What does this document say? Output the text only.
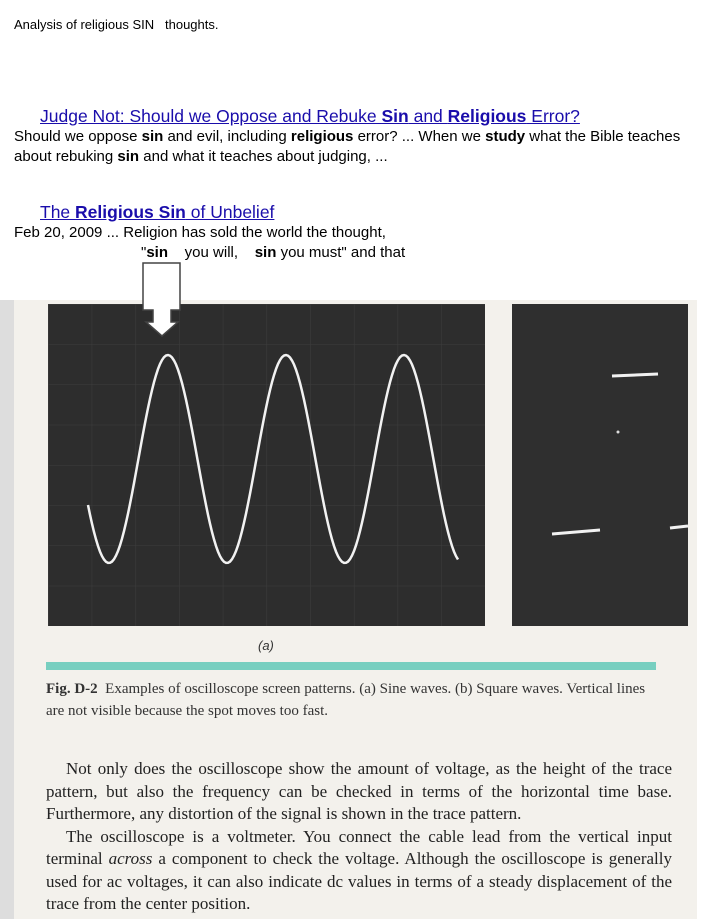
Analysis of religious SIN   thoughts.
Judge Not: Should we Oppose and Rebuke Sin and Religious Error?
Should we oppose sin and evil, including religious error? ... When we study what the Bible teaches about rebuking sin and what it teaches about judging, ...
The Religious Sin of Unbelief
Feb 20, 2009 ... Religion has sold the world the thought,
"sin    you will,    sin you must" and that
(a)
Fig. D-2 Examples of oscilloscope screen patterns. (a) Sine waves. (b) Square waves. Vertical lines are not visible because the spot moves too fast.

Not only does the oscilloscope show the amount of voltage, as the height of the trace pattern, but also the frequency can be checked in terms of the horizontal time base. Furthermore, any distortion of the signal is shown in the trace pattern.

The oscilloscope is a voltmeter. You connect the cable lead from the vertical input terminal across a component to check the voltage. Although the oscilloscope is generally used for ac voltages, it can also indicate dc values in terms of a steady displacement of the trace from the center position.
